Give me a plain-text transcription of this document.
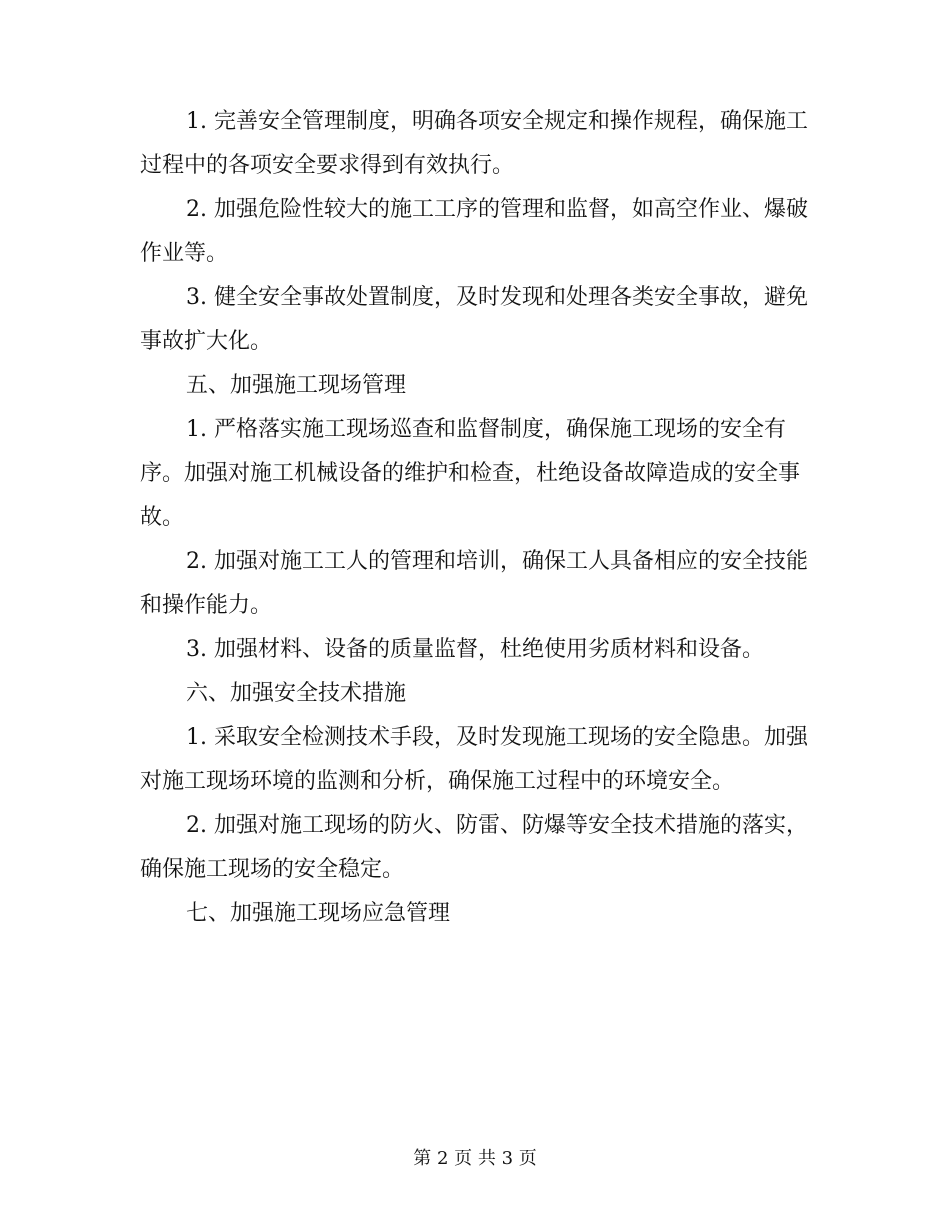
1. 完善安全管理制度，明确各项安全规定和操作规程，确保施工过程中的各项安全要求得到有效执行。

2. 加强危险性较大的施工工序的管理和监督，如高空作业、爆破作业等。

3. 健全安全事故处置制度，及时发现和处理各类安全事故，避免事故扩大化。

五、加强施工现场管理

1. 严格落实施工现场巡查和监督制度，确保施工现场的安全有序。加强对施工机械设备的维护和检查，杜绝设备故障造成的安全事故。

2. 加强对施工工人的管理和培训，确保工人具备相应的安全技能和操作能力。

3. 加强材料、设备的质量监督，杜绝使用劣质材料和设备。

六、加强安全技术措施

1. 采取安全检测技术手段，及时发现施工现场的安全隐患。加强对施工现场环境的监测和分析，确保施工过程中的环境安全。

2. 加强对施工现场的防火、防雷、防爆等安全技术措施的落实，确保施工现场的安全稳定。

七、加强施工现场应急管理

第 2 页 共 3 页
